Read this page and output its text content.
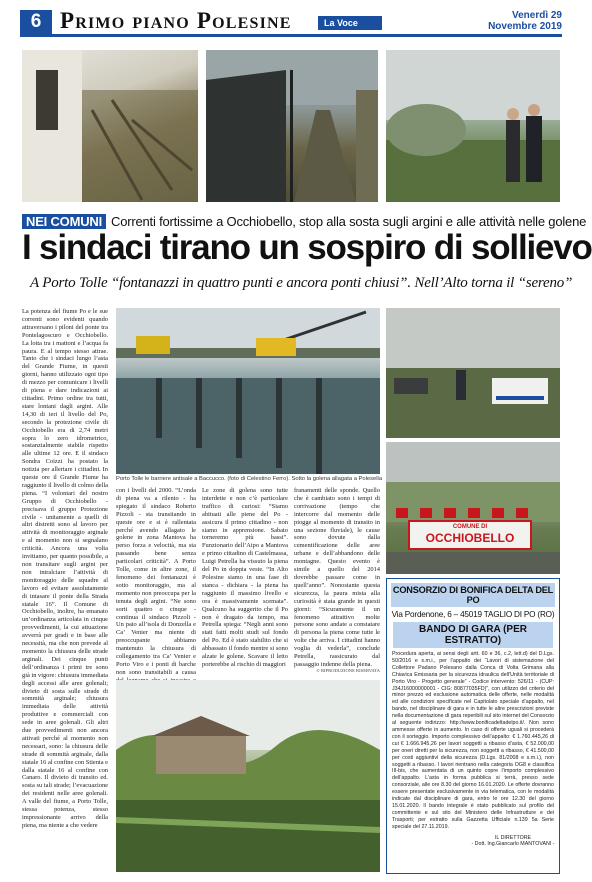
6 Primo piano Polesine	La Voce
Venerdì 29
Novembre 2019
NEI COMUNI Correnti fortissime a Occhiobello, stop alla sosta sugli argini e alle attività nelle golene
I sindaci tirano un sospiro di sollievo
A Porto Tolle “fontanazzi in quattro punti e ancora ponti chiusi”. Nell’Alto torna il “sereno”
La potenza del fiume Po e le sue correnti sono evidenti quando attraversano i piloni del ponte tra Pontelagoscuro e Occhiobello. La lotta tra i mattoni e l’acqua fa paura. E al tempo stesso attrae. Tanto che i sindaci lungo l’asta del Grande Fiume, in questi giorni, hanno utilizzato ogni tipo di mezzo per comunicare i livelli di piena e dare indicazioni ai cittadini. Primo ordine tra tutti, stare lontani dagli argini. Alle 14,30 di ieri il livello del Po, secondo la protezione civile di Occhiobello era di 2,74 metri sopra lo zero idrometrico, sostanzialmente stabile rispetto alle ultime 12 ore. E il sindaco Sondra Coizzi ha postato la notizia per allertare i cittadini. In queste ore il Grande Fiume ha raggiunto il livello di colmo della piena. “I volontari del nostro Gruppo di Occhiobello - precisava il gruppo Protezione civile - unitamente a quelli di altri distretti sono al lavoro per attività di monitoraggio arginale e al momento non si segnalano criticità. Ancora una volta invitiamo, per quanto possibile, a non transitare sugli argini per non intralciare l’attività di monitoraggio delle squadre al lavoro ed evitare assolutamente di intasare il ponte della Strada statale 16”. Il Comune di Occhiobello, inoltre, ha emanato un’ordinanza articolata in cinque provvedimenti, la cui attuazione avverrà per gradi e in base alle necessità, ma che non prevede al momento la chiusura delle strade arginali. Dei cinque punti dell’ordinanza i primi tre sono già in vigore: chiusura immediata degli accessi alle aree golenali; divieto di sosta sulle strade di sommità arginale; chiusura immediata delle attività produttive e commerciali con sede in aree golenali. Gli altri due provvedimenti non ancora attivati perché al momento non necessari, sono: la chiusura delle strade di sommità arginale, dalla statale 16 al confine con Stienta e dalla statale 16 al confine con Canaro. Il divieto di transito ed. sosta su tali strade; l’evacuazione dei residenti nelle aree golenali. A valle del fiume, a Porto Tolle, stessa potenza, stesso impressionante arrivo della piena, ma niente a che vedere
Porto Tolle le barriere antisale a Baccucco. (foto di Celestino Ferro). Sotto la golena allagata a Polesella
con i livelli del 2000. “L’onda di piena va a rilento - ha spiegato il sindaco Roberto Pizzoli - sta transitando in queste ore e si è rallentata perché avendo allagato le golene in zona Mantova ha perso forza e velocità, ma sta passando bene senza particolari criticità”. A Porto Tolle, come in altre zone, il fenomeno dei fontanazzi è sotto monitoraggio, ma al momento non preoccupa per la tenuta degli argini. “Ne sono sorti quattro o cinque - continua il sindaco Pizzoli - Un paio all’isola di Donzella e Ca’ Venier ma niente di preoccupante abbiamo mantenuto la chiusura di collegamento tra Ca’ Venier e Porto Viro e i ponti di barche non sono transitabili a causa
Le zone di golena sono tutte interdette e non c’è particolare traffico di curiosi: “Siamo abituati alle piene del Po - assicura il primo cittadino - non siamo in apprensione. Sabato torneremo più bassi”. Funzionario dell’Aipo a Mantova e primo cittadino di Castelmassa, Luigi Petrella ha vissuto la piena del Po in doppia veste. “In Alto Polesine siamo in una fase di stanca - dichiara - la piena ha raggiunto il massimo livello e ora è massivamente scemata”. Qualcuno ha suggerito che il Po non è dragato da tempo, ma Petrella spiega: “Negli anni sono stati fatti molti studi sul fondo del Po. Ed è stato stabilito che si abbassato il fondo mentre si sono alzate le golene. Scavare il letto porterebbe al rischio di maggiori
franamenti delle sponde. Quello che è cambiato sono i tempi di corrivazione (tempo che intercorre dal momento delle piogge al momento di transito in una sezione fluviale), le cause sono dovute dalla cementificazione delle aree urbane e dell’abbandono delle montagne. Questo evento è simile a quello del 2014 dovrebbe passare come in quell’anno”. Nonostante questa sicurezza, la paura mista alla curiosità è stata grande in questi giorni: “Sicuramente il un fenomeno attrattivo molte persone sono andate a constatare di persona la piena come tutte le volte che arriva. I cittadini hanno voglia di vederla”, conclude Petrella, rassicurato dal passaggio indenne della piena.
© RIPRODUZIONE RISERVATA
COMUNE DI
OCCHIOBELLO
CONSORZIO DI BONIFICA DELTA DEL PO
Via Pordenone, 6 – 45019 TAGLIO DI PO (RO)
BANDO DI GARA (PER ESTRATTO)
Procedura aperta, ai sensi degli artt. 60 e 36, c.2, lett.d) del D.Lgs. 50/2016 e s.m.i., per l’appalto dei “Lavori di sistemazione del Collettore Padano Polesano dalla Conca di Volta Grimana alla Chiavica Emissaria per la sicurezza idraulica dell’Unità territoriale di Porto Viro - Progetto generale” - Codice intervento: 526/11 - (CUP: J34J16000000001 - CIG: 80877035FD)”, con utilizzo del criterio del minor prezzo ed esclusione automatica delle offerte, nelle modalità ed alle condizioni specificate nel Capitolato speciale d’appalto, nel bando, nel disciplinare di gara e in tutte le altre prescrizioni previste nella documentazione di gara reperibili sul sito internet del Consorzio al seguente indirizzo: http://www.bonificadeltadelpo.it/. Non sono ammesse offerte in aumento. In caso di offerte uguali si procederà con il sorteggio. Importo complessivo dell’appalto: € 1.760.445,26 di cui € 1.666.945,26 per lavori soggetti a ribasso d’asta, € 52.000,00 per oneri diretti per la sicurezza, non soggetti a ribasso, € 41.500,00 per costi aggiuntivi della sicurezza (D.Lgs. 81/2008 e s.m.i.), non soggetti a ribasso. I lavori rientrano nella categoria OG8 e classifica III-bis, che aumentata di un quinto copre l’importo complessivo dell’appalto. L’asta in forma pubblica si terrà, presso sede consorziale, alle ore 8.30 del giorno 16.01.2020. Le offerte dovranno essere presentate esclusivamente in via telematica, con le modalità indicate dal disciplinare di gara, entro le ore 12.30 del giorno 15.01.2020. Il bando integrale è stato pubblicato sul profilo del committente e sul sito del Ministero delle Infrastrutture e dei Trasporti; per estratto sulla Gazzetta Ufficiale n.139 5a Serie speciale del 27.11.2019.
IL DIRETTORE
- Dott. Ing.Giancarlo MANTOVANI -
